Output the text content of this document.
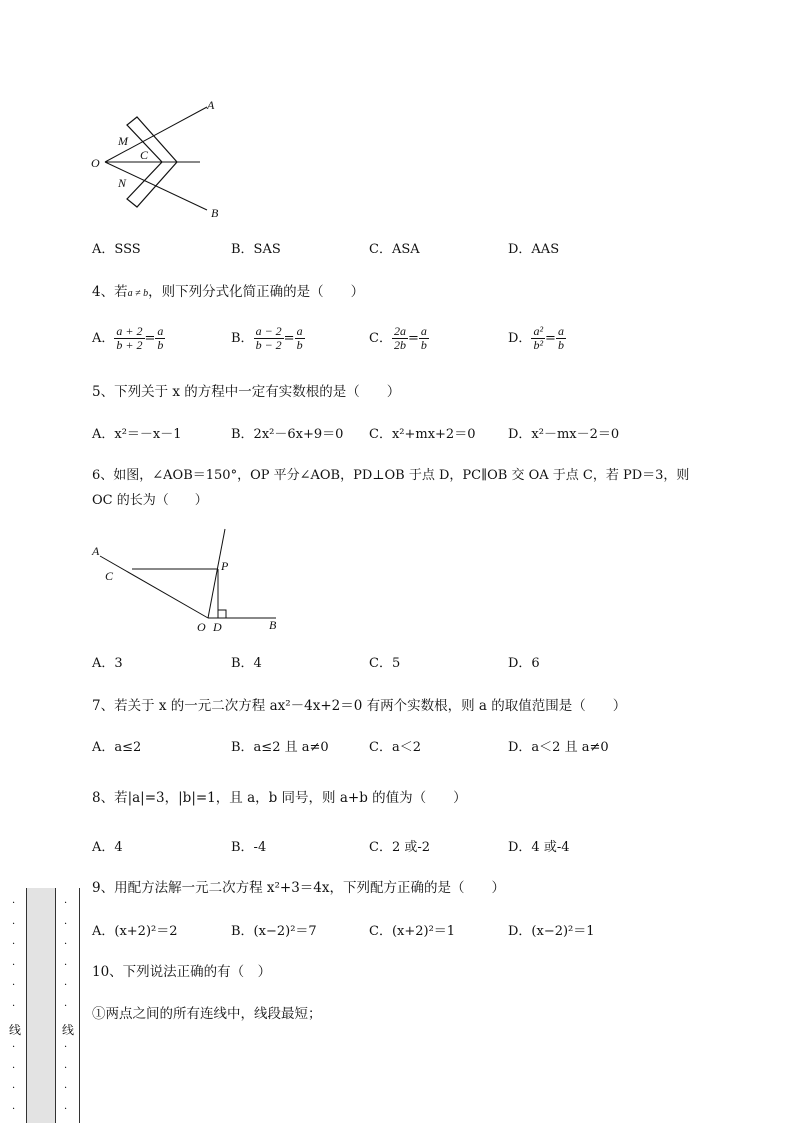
A
B
M
N
C
O
A．SSS	B．SAS	C．ASA	D．AAS
4、若a ≠ b，则下列分式化简正确的是（　　）
A． $\frac{a + 2}{b + 2} = \frac{a}{b}$	B． $\frac{a - 2}{b - 2} = \frac{a}{b}$	C． $\frac{2a}{2b} = \frac{a}{b}$	D． $\frac{\text{a²}}{\text{b²}} = \frac{a}{b}$
5、下列关于 x 的方程中一定有实数根的是（　　）
A．x²＝－x－1	B．2x²－6x+9＝0 C．x²+mx+2＝0	D．x²－mx－2＝0
6、如图，∠AOB＝150°，OP 平分∠AOB，PD⊥OB 于点 D，PC∥OB 交 OA 于点 C，若 PD＝3，则
OC 的长为（　　）
A
C
P
O D	B
A．3	B．4	C．5	D．6
7、若关于 x 的一元二次方程 ax²－4x+2＝0 有两个实数根，则 a 的取值范围是（　　）
A．a≤2	B．a≤2 且 a≠0	C．a＜2	D．a＜2 且 a≠0
8、若|a|=3，|b|=1，且 a，b 同号，则 a+b 的值为（　　）
A．4	B．-4	C．2 或-2	D．4 或-4
9、用配方法解一元二次方程 x²+3＝4x，下列配方正确的是（　　）
A．(x+2)²＝2	B．(x−2)²＝7	C．(x+2)²＝1	D．(x−2)²＝1
10、下列说法正确的有（　）
①两点之间的所有连线中，线段最短；
·
·
·
·
·
·
线
·
·
·
·
·
·
·
·
·
·
线
·
·
·
·
